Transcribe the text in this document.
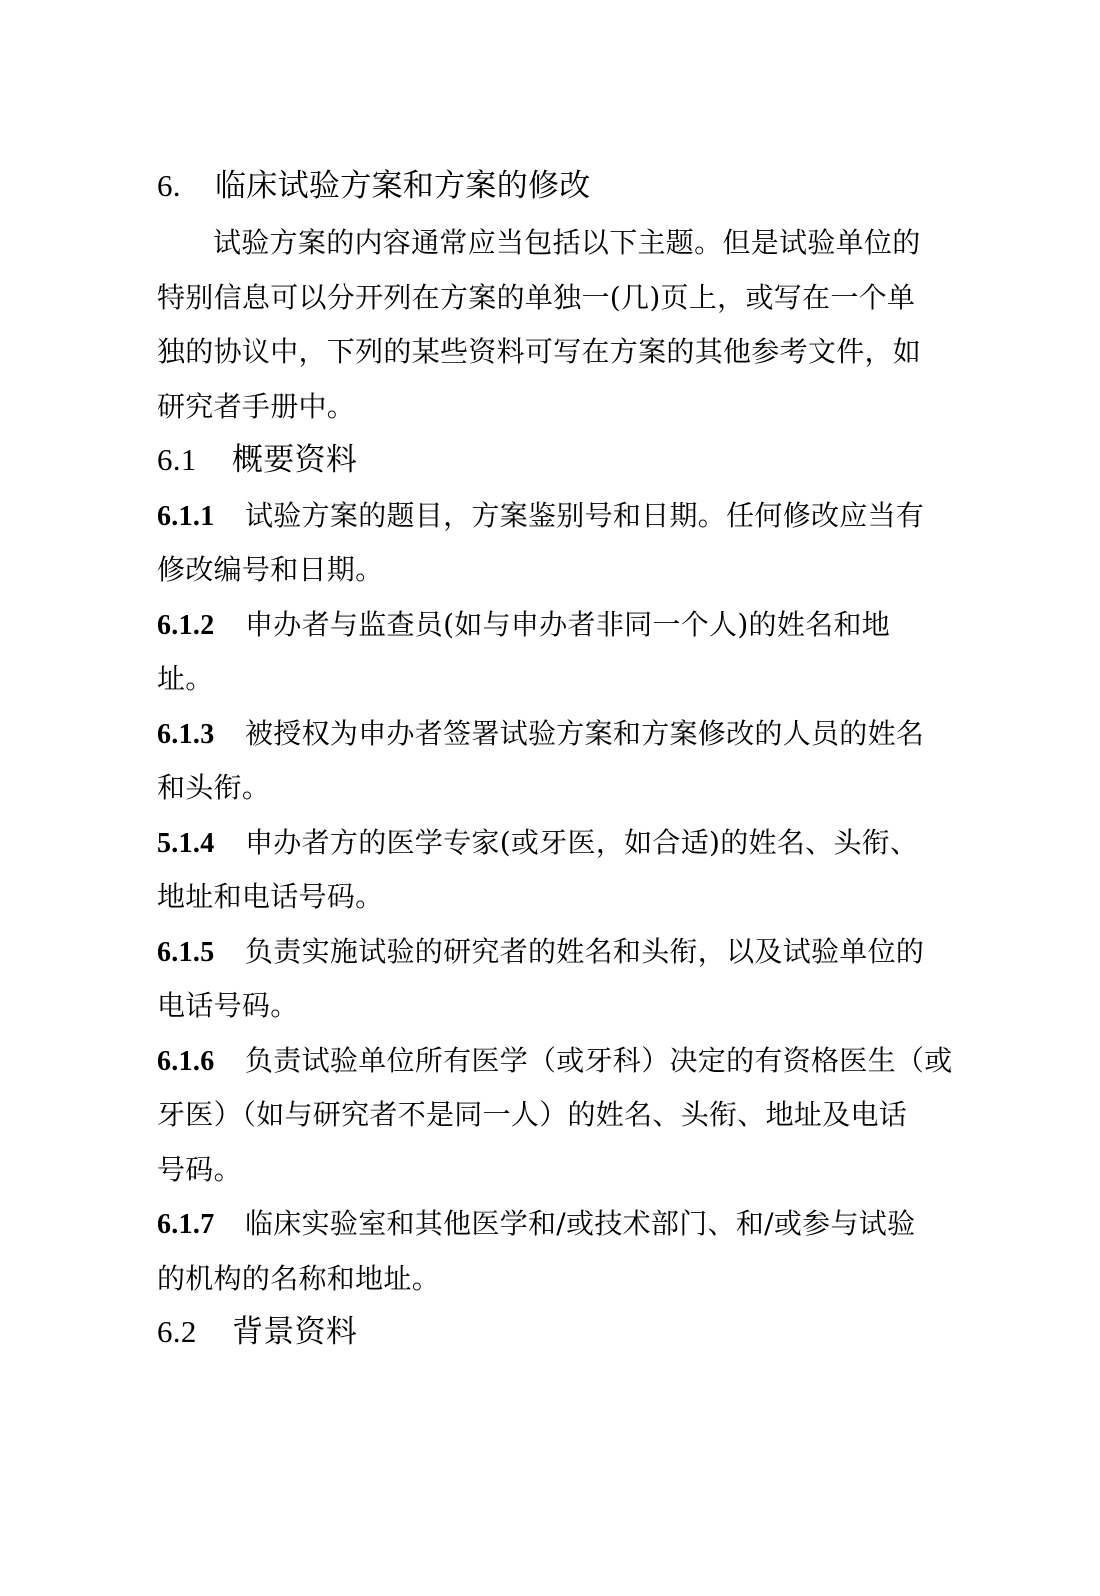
6. 临床试验方案和方案的修改
试验方案的内容通常应当包括以下主题。但是试验单位的
特别信息可以分开列在方案的单独一(几)页上，或写在一个单
独的协议中，下列的某些资料可写在方案的其他参考文件，如
研究者手册中。
6.1 概要资料
6.1.1 试验方案的题目，方案鉴别号和日期。任何修改应当有
修改编号和日期。
6.1.2 申办者与监查员(如与申办者非同一个人)的姓名和地
址。
6.1.3 被授权为申办者签署试验方案和方案修改的人员的姓名
和头衔。
5.1.4 申办者方的医学专家(或牙医，如合适)的姓名、头衔、
地址和电话号码。
6.1.5 负责实施试验的研究者的姓名和头衔，以及试验单位的
电话号码。
6.1.6 负责试验单位所有医学（或牙科）决定的有资格医生（或
牙医）（如与研究者不是同一人）的姓名、头衔、地址及电话
号码。
6.1.7 临床实验室和其他医学和/或技术部门、和/或参与试验
的机构的名称和地址。
6.2 背景资料
